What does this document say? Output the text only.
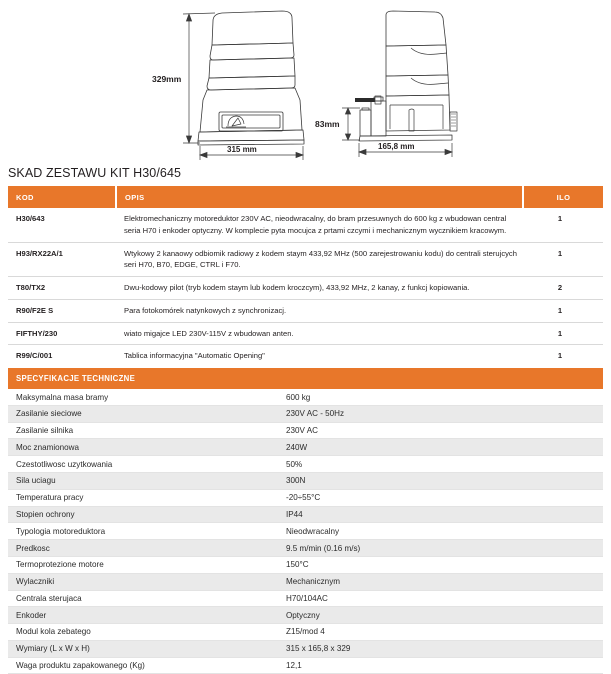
329mm
315 mm
83mm
165,8 mm
SKAD ZESTAWU KIT H30/645
KOD	OPIS	ILO
H30/643	Elektromechaniczny motoreduktor 230V AC, nieodwracalny, do bram przesuwnych do 600 kg z wbudowan central seria H70 i enkoder optyczny. W komplecie pyta mocujca z prtami czcymi i mechanicznym wycznikiem kracowym.	1
H93/RX22A/1	Wtykowy 2 kanaowy odbiomik radiowy z kodem staym 433,92 MHz (500 zarejestrowaniu kodu) do centrali sterujcych seri H70, B70, EDGE, CTRL i F70.	1
T80/TX2	Dwu-kodowy pilot (tryb kodem staym lub kodem kroczcym), 433,92 MHz, 2 kanay, z funkcj kopiowania.	2
R90/F2E S	Para fotokomórek natynkowych z synchronizacj.	1
FIFTHY/230	wiato migajce LED 230V-115V z wbudowan anten.	1
R99/C/001	Tablica informacyjna "Automatic Opening"	1
SPECYFIKACJE TECHNICZNE	
Maksymalna masa bramy	600 kg
Zasilanie sieciowe	230V AC - 50Hz
Zasilanie silnika	230V AC
Moc znamionowa	240W
Czestotliwosc uzytkowania	50%
Sila uciagu	300N
Temperatura pracy	-20÷55°C
Stopien ochrony	IP44
Typologia motoreduktora	Nieodwracalny
Predkosc	9.5 m/min (0.16 m/s)
Termoprotezione motore	150°C
Wylaczniki	Mechanicznym
Centrala sterujaca	H70/104AC
Enkoder	Optyczny
Modul kola zebatego	Z15/mod 4
Wymiary (L x W x H)	315 x 165,8 x 329
Waga produktu zapakowanego (Kg)	12,1
